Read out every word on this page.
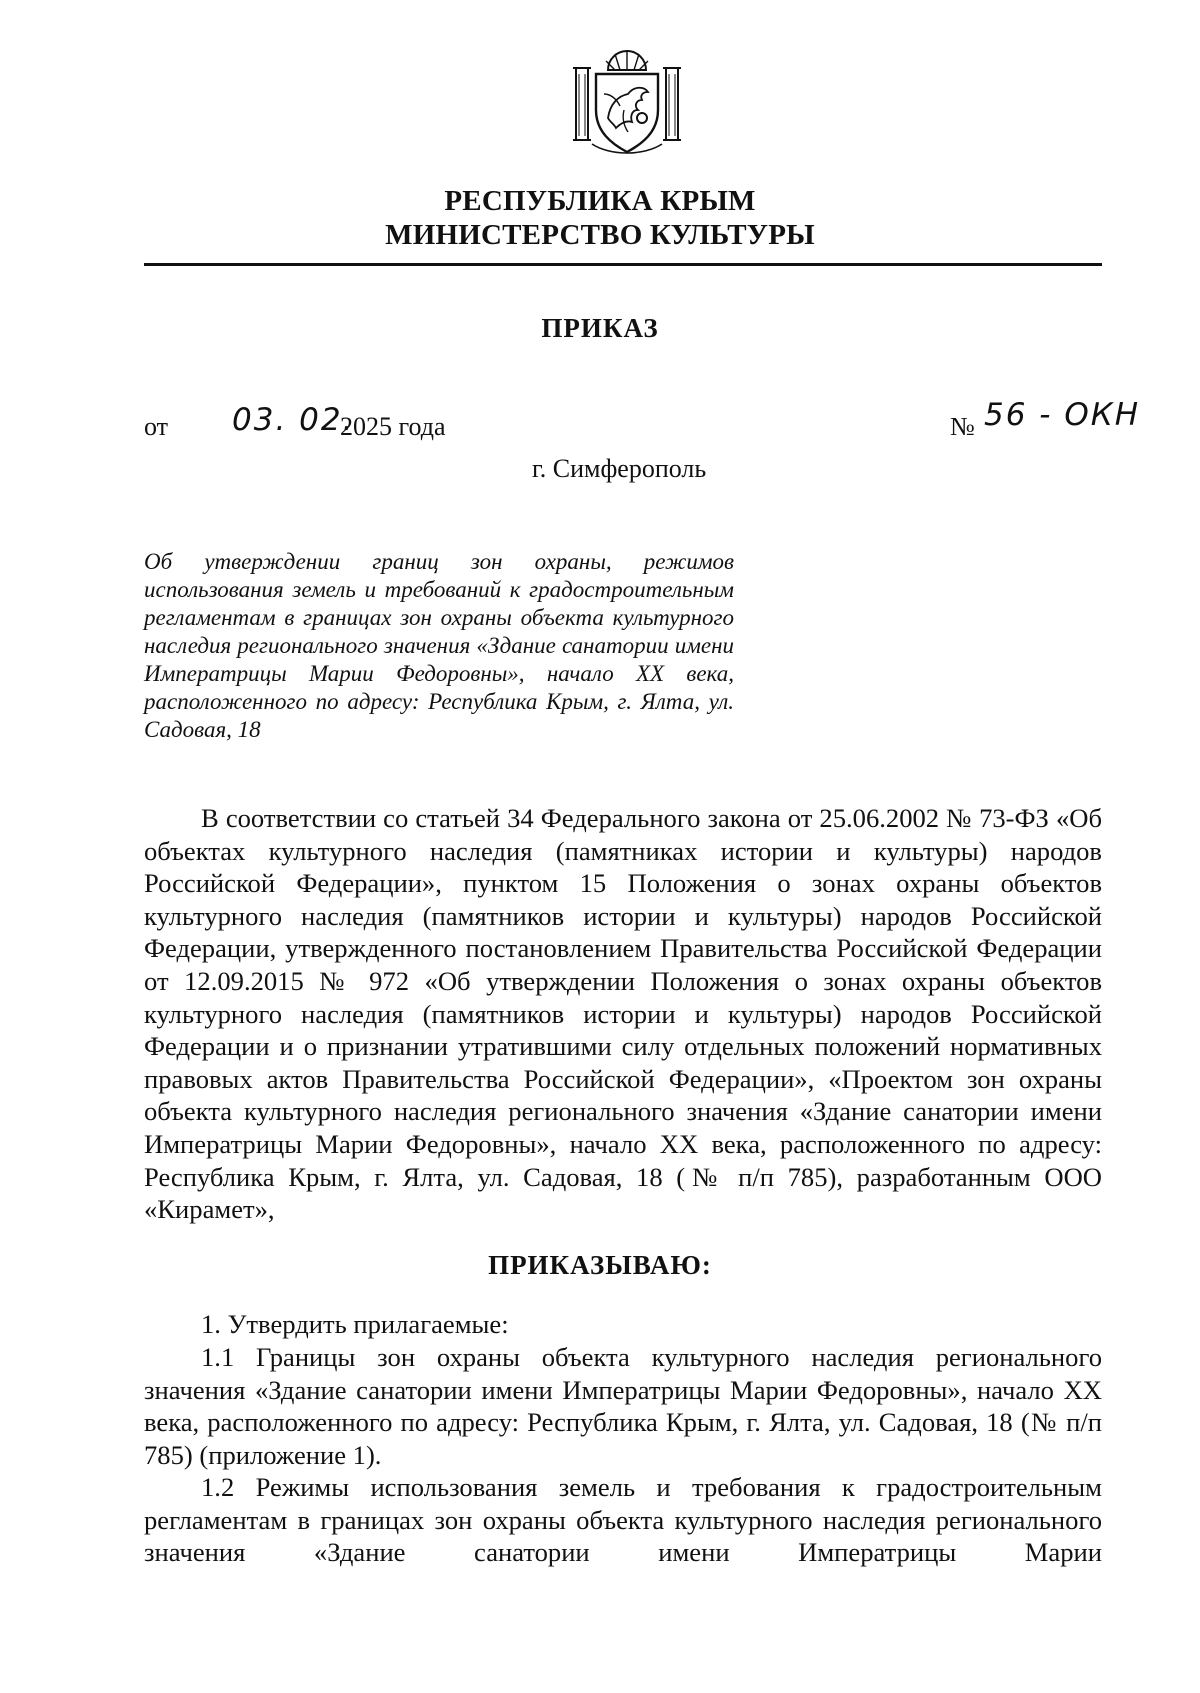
РЕСПУБЛИКА КРЫМ
МИНИСТЕРСТВО КУЛЬТУРЫ
ПРИКАЗ
от 03. 02.
2025 года	№ 56 - ОКН
г. Симферополь
Об утверждении границ зон охраны, режимов использования земель и требований к градостроительным регламентам в границах зон охраны объекта культурного наследия регионального значения «Здание санатории имени Императрицы Марии Федоровны», начало XX века, расположенного по адресу: Республика Крым, г. Ялта, ул. Садовая, 18

В соответствии со статьей 34 Федерального закона от 25.06.2002 № 73-ФЗ «Об объектах культурного наследия (памятниках истории и культуры) народов Российской Федерации», пунктом 15 Положения о зонах охраны объектов культурного наследия (памятников истории и культуры) народов Российской Федерации, утвержденного постановлением Правительства Российской Федерации от 12.09.2015 № 972 «Об утверждении Положения о зонах охраны объектов культурного наследия (памятников истории и культуры) народов Российской Федерации и о признании утратившими силу отдельных положений нормативных правовых актов Правительства Российской Федерации», «Проектом зон охраны объекта культурного наследия регионального значения «Здание санатории имени Императрицы Марии Федоровны», начало XX века, расположенного по адресу: Республика Крым, г. Ялта, ул. Садовая, 18 (№ п/п 785), разработанным ООО «Кирамет»,

ПРИКАЗЫВАЮ:

1. Утвердить прилагаемые:

1.1 Границы зон охраны объекта культурного наследия регионального значения «Здание санатории имени Императрицы Марии Федоровны», начало XX века, расположенного по адресу: Республика Крым, г. Ялта, ул. Садовая, 18 (№ п/п 785) (приложение 1).

1.2 Режимы использования земель и требования к градостроительным регламентам в границах зон охраны объекта культурного наследия регионального значения «Здание санатории имени Императрицы Марии
